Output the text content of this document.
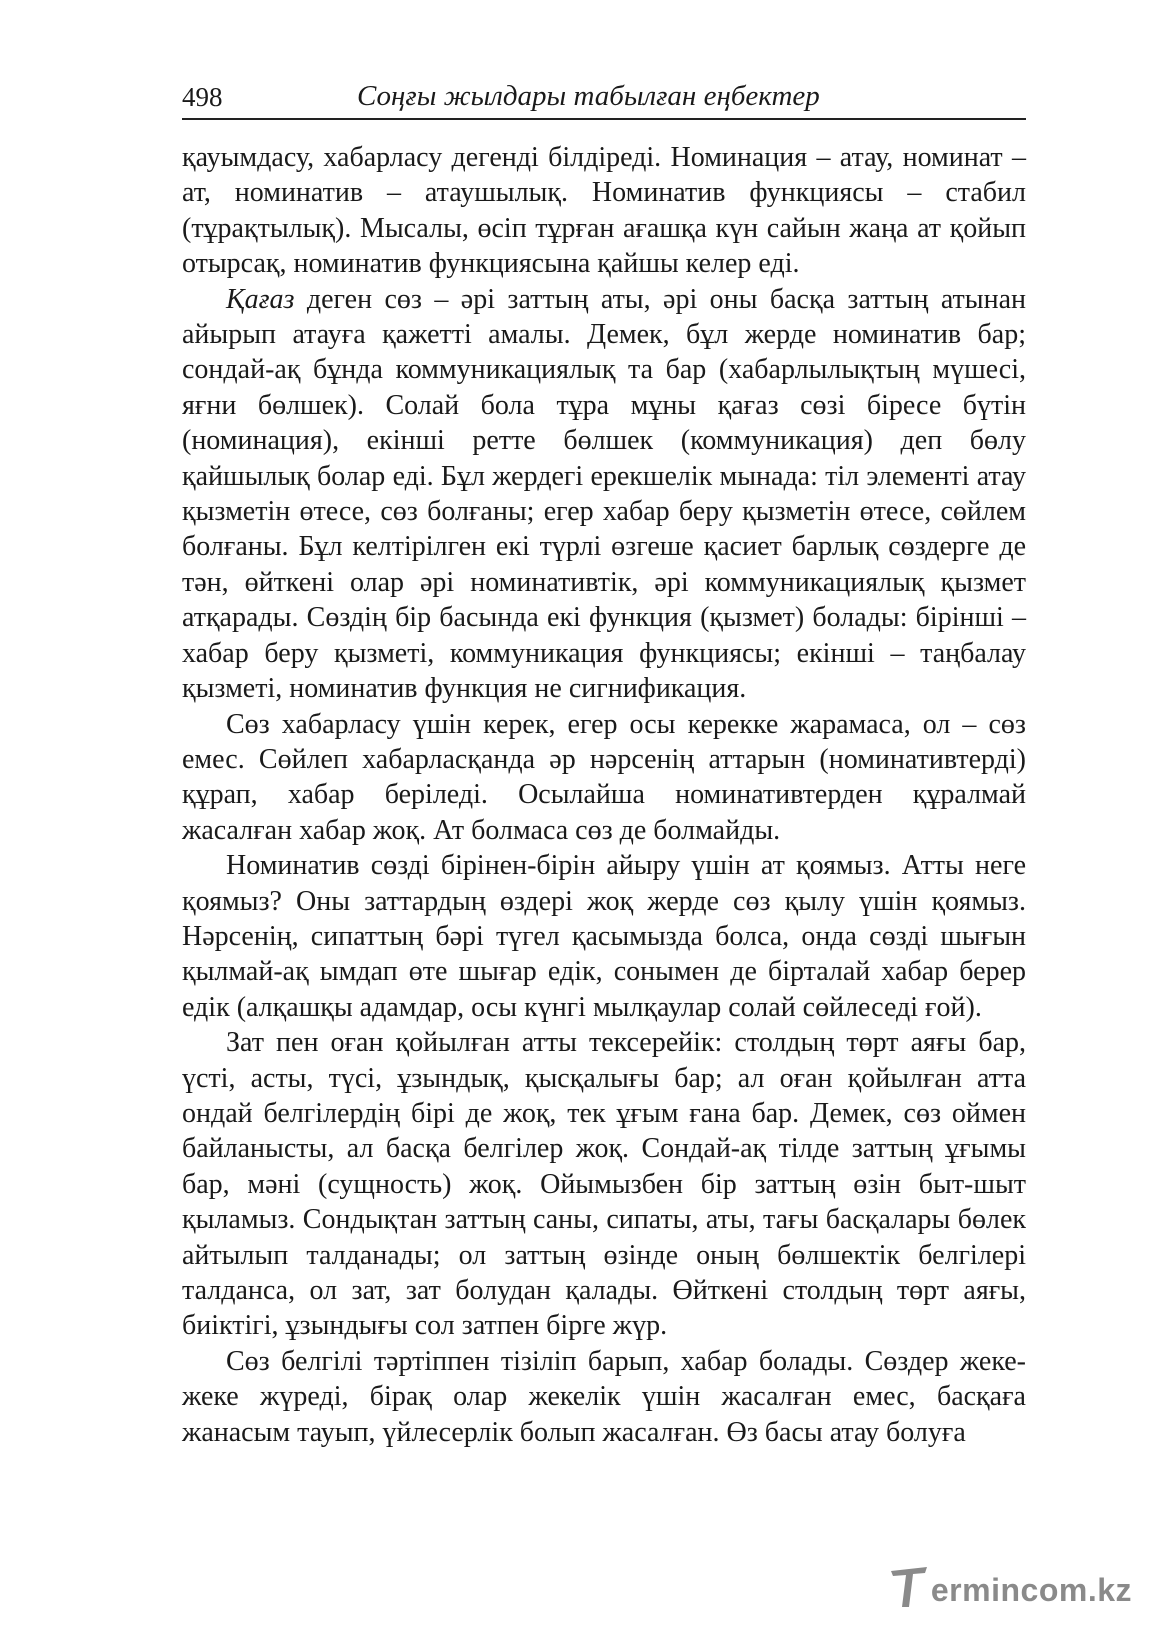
498	Соңғы жылдары табылған еңбектер

қауымдасу, хабарласу дегенді білдіреді. Номинация – атау, номинат – ат, номинатив – атаушылық. Номинатив функциясы – стабил (тұрақтылық). Мысалы, өсіп тұрған ағашқа күн сайын жаңа ат қойып отырсақ, номинатив функциясына қайшы келер еді.

Қағаз деген сөз – әрі заттың аты, әрі оны басқа заттың атынан айырып атауға қажетті амалы. Демек, бұл жерде номинатив бар; сондай-ақ бұнда коммуникациялық та бар (хабарлылықтың мүшесі, яғни бөлшек). Солай бола тұра мұны қағаз сөзі біресе бүтін (номинация), екінші ретте бөлшек (коммуникация) деп бөлу қайшылық болар еді. Бұл жердегі ерекшелік мынада: тіл элементі атау қызметін өтесе, сөз болғаны; егер хабар беру қызметін өтесе, сөйлем болғаны. Бұл келтірілген екі түрлі өзгеше қасиет барлық сөздерге де тән, өйткені олар әрі номинативтік, әрі коммуникациялық қызмет атқарады. Сөздің бір басында екі функция (қызмет) болады: бірінші – хабар беру қызметі, коммуникация функциясы; екінші – таңбалау қызметі, номинатив функция не сигнификация.

Сөз хабарласу үшін керек, егер осы керекке жарамаса, ол – сөз емес. Сөйлеп хабарласқанда әр нәрсенің аттарын (номинативтерді) құрап, хабар беріледі. Осылайша номинативтерден құралмай жасалған хабар жоқ. Ат болмаса сөз де болмайды.

Номинатив сөзді бірінен-бірін айыру үшін ат қоямыз. Атты неге қоямыз? Оны заттардың өздері жоқ жерде сөз қылу үшін қоямыз. Нәрсенің, сипаттың бәрі түгел қасымызда болса, онда сөзді шығын қылмай-ақ ымдап өте шығар едік, сонымен де бірталай хабар берер едік (алқашқы адамдар, осы күнгі мылқаулар солай сөйлеседі ғой).

Зат пен оған қойылған атты тексерейік: столдың төрт аяғы бар, үсті, асты, түсі, ұзындық, қысқалығы бар; ал оған қойылған атта ондай белгілердің бірі де жоқ, тек ұғым ғана бар. Демек, сөз оймен байланысты, ал басқа белгілер жоқ. Сондай-ақ тілде заттың ұғымы бар, мәні (сущность) жоқ. Ойымызбен бір заттың өзін быт-шыт қыламыз. Сондықтан заттың саны, сипаты, аты, тағы басқалары бөлек айтылып талданады; ол заттың өзінде оның бөлшектік белгілері талданса, ол зат, зат болудан қалады. Өйткені столдың төрт аяғы, биіктігі, ұзындығы сол затпен бірге жүр.

Сөз белгілі тәртіппен тізіліп барып, хабар болады. Сөздер жеке-жеке жүреді, бірақ олар жекелік үшін жасалған емес, басқаға жанасым тауып, үйлесерлік болып жасалған. Өз басы атау болуға

ermincom.kz
